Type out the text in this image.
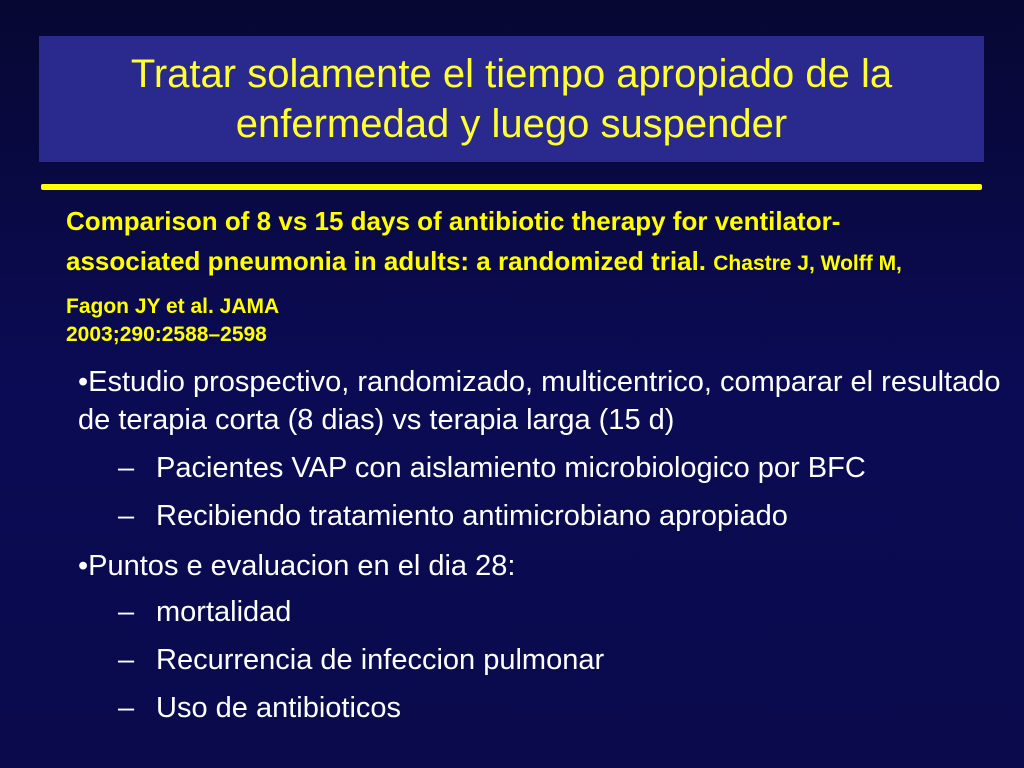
Tratar solamente el tiempo apropiado de la enfermedad y luego suspender

Comparison of 8 vs 15 days of antibiotic therapy for ventilator-associated pneumonia in adults: a randomized trial. Chastre J, Wolff M, Fagon JY et al. JAMA
2003;290:2588–2598

•Estudio prospectivo, randomizado, multicentrico, comparar el resultado de terapia corta (8 dias) vs terapia larga (15 d)
– Pacientes VAP con aislamiento microbiologico por BFC
– Recibiendo tratamiento antimicrobiano apropiado
•Puntos e evaluacion en el dia 28:
– mortalidad
– Recurrencia de infeccion pulmonar
– Uso de antibioticos
